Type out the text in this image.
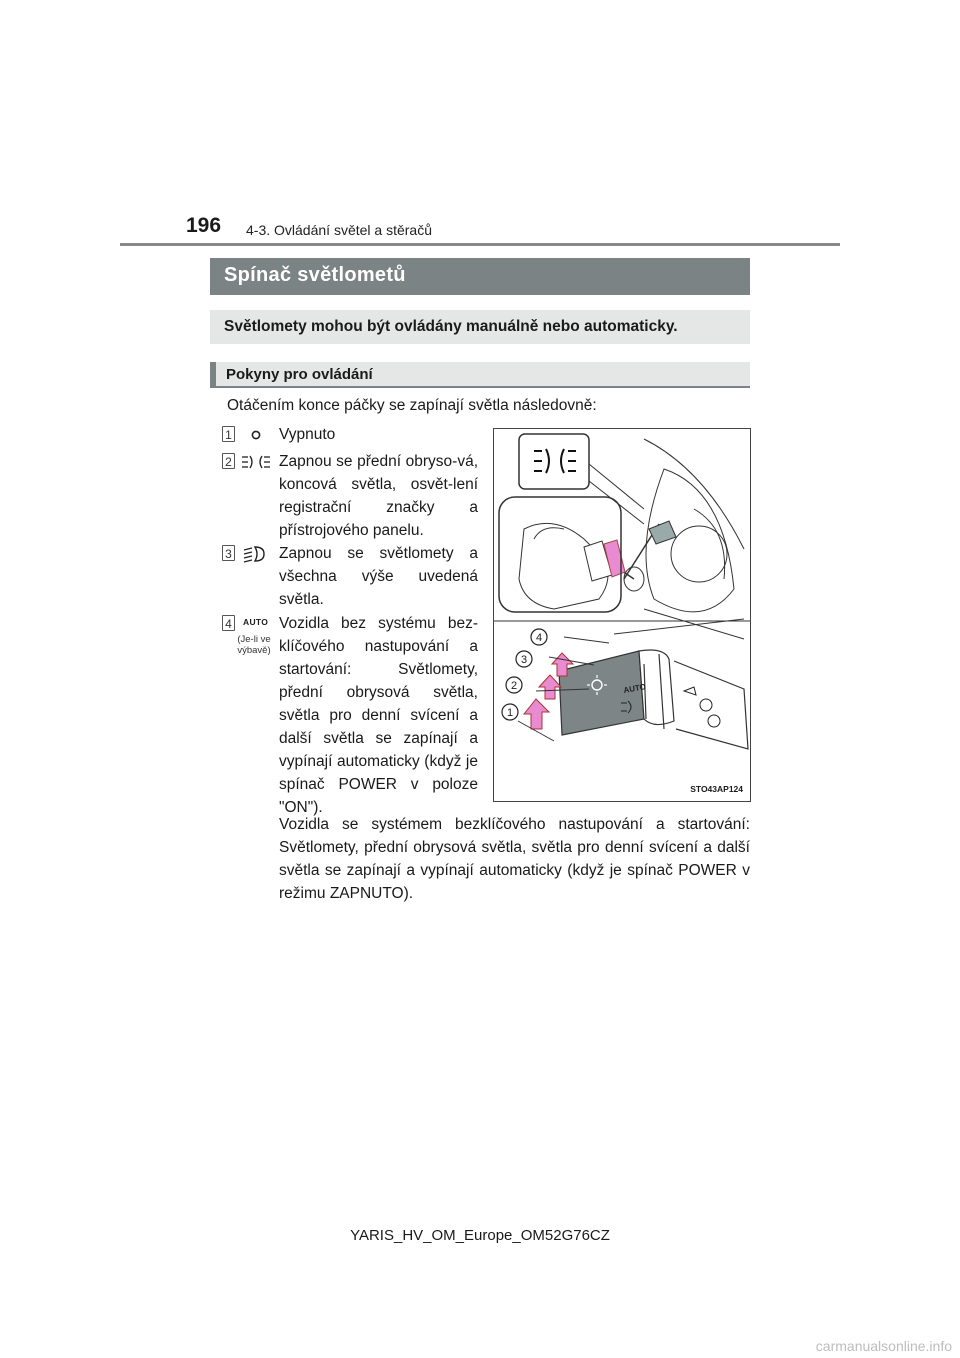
196 4-3. Ovládání světel a stěračů
Spínač světlometů
Světlomety mohou být ovládány manuálně nebo automaticky.
Pokyny pro ovládání
Otáčením konce páčky se zapínají světla následovně:
1	Vypnuto
2	Zapnou se přední obryso-vá, koncová světla, osvět-lení registrační značky a přístrojového panelu.
3	Zapnou se světlomety a všechna výše uvedená světla.
4	AUTO
(Je-li ve výbavě)
Vozidla bez systému bez-klíčového nastupování a startování: Světlomety, přední obrysová světla, světla pro denní svícení a další světla se zapínají a vypínají automaticky (když je spínač POWER v poloze "ON").
AUTO
1
2
3
4
STO43AP124
Vozidla se systémem bezklíčového nastupování a startování: Světlomety, přední obrysová světla, světla pro denní svícení a další světla se zapínají a vypínají automaticky (když je spínač POWER v režimu ZAPNUTO).
YARIS_HV_OM_Europe_OM52G76CZ
carmanualsonline.info
